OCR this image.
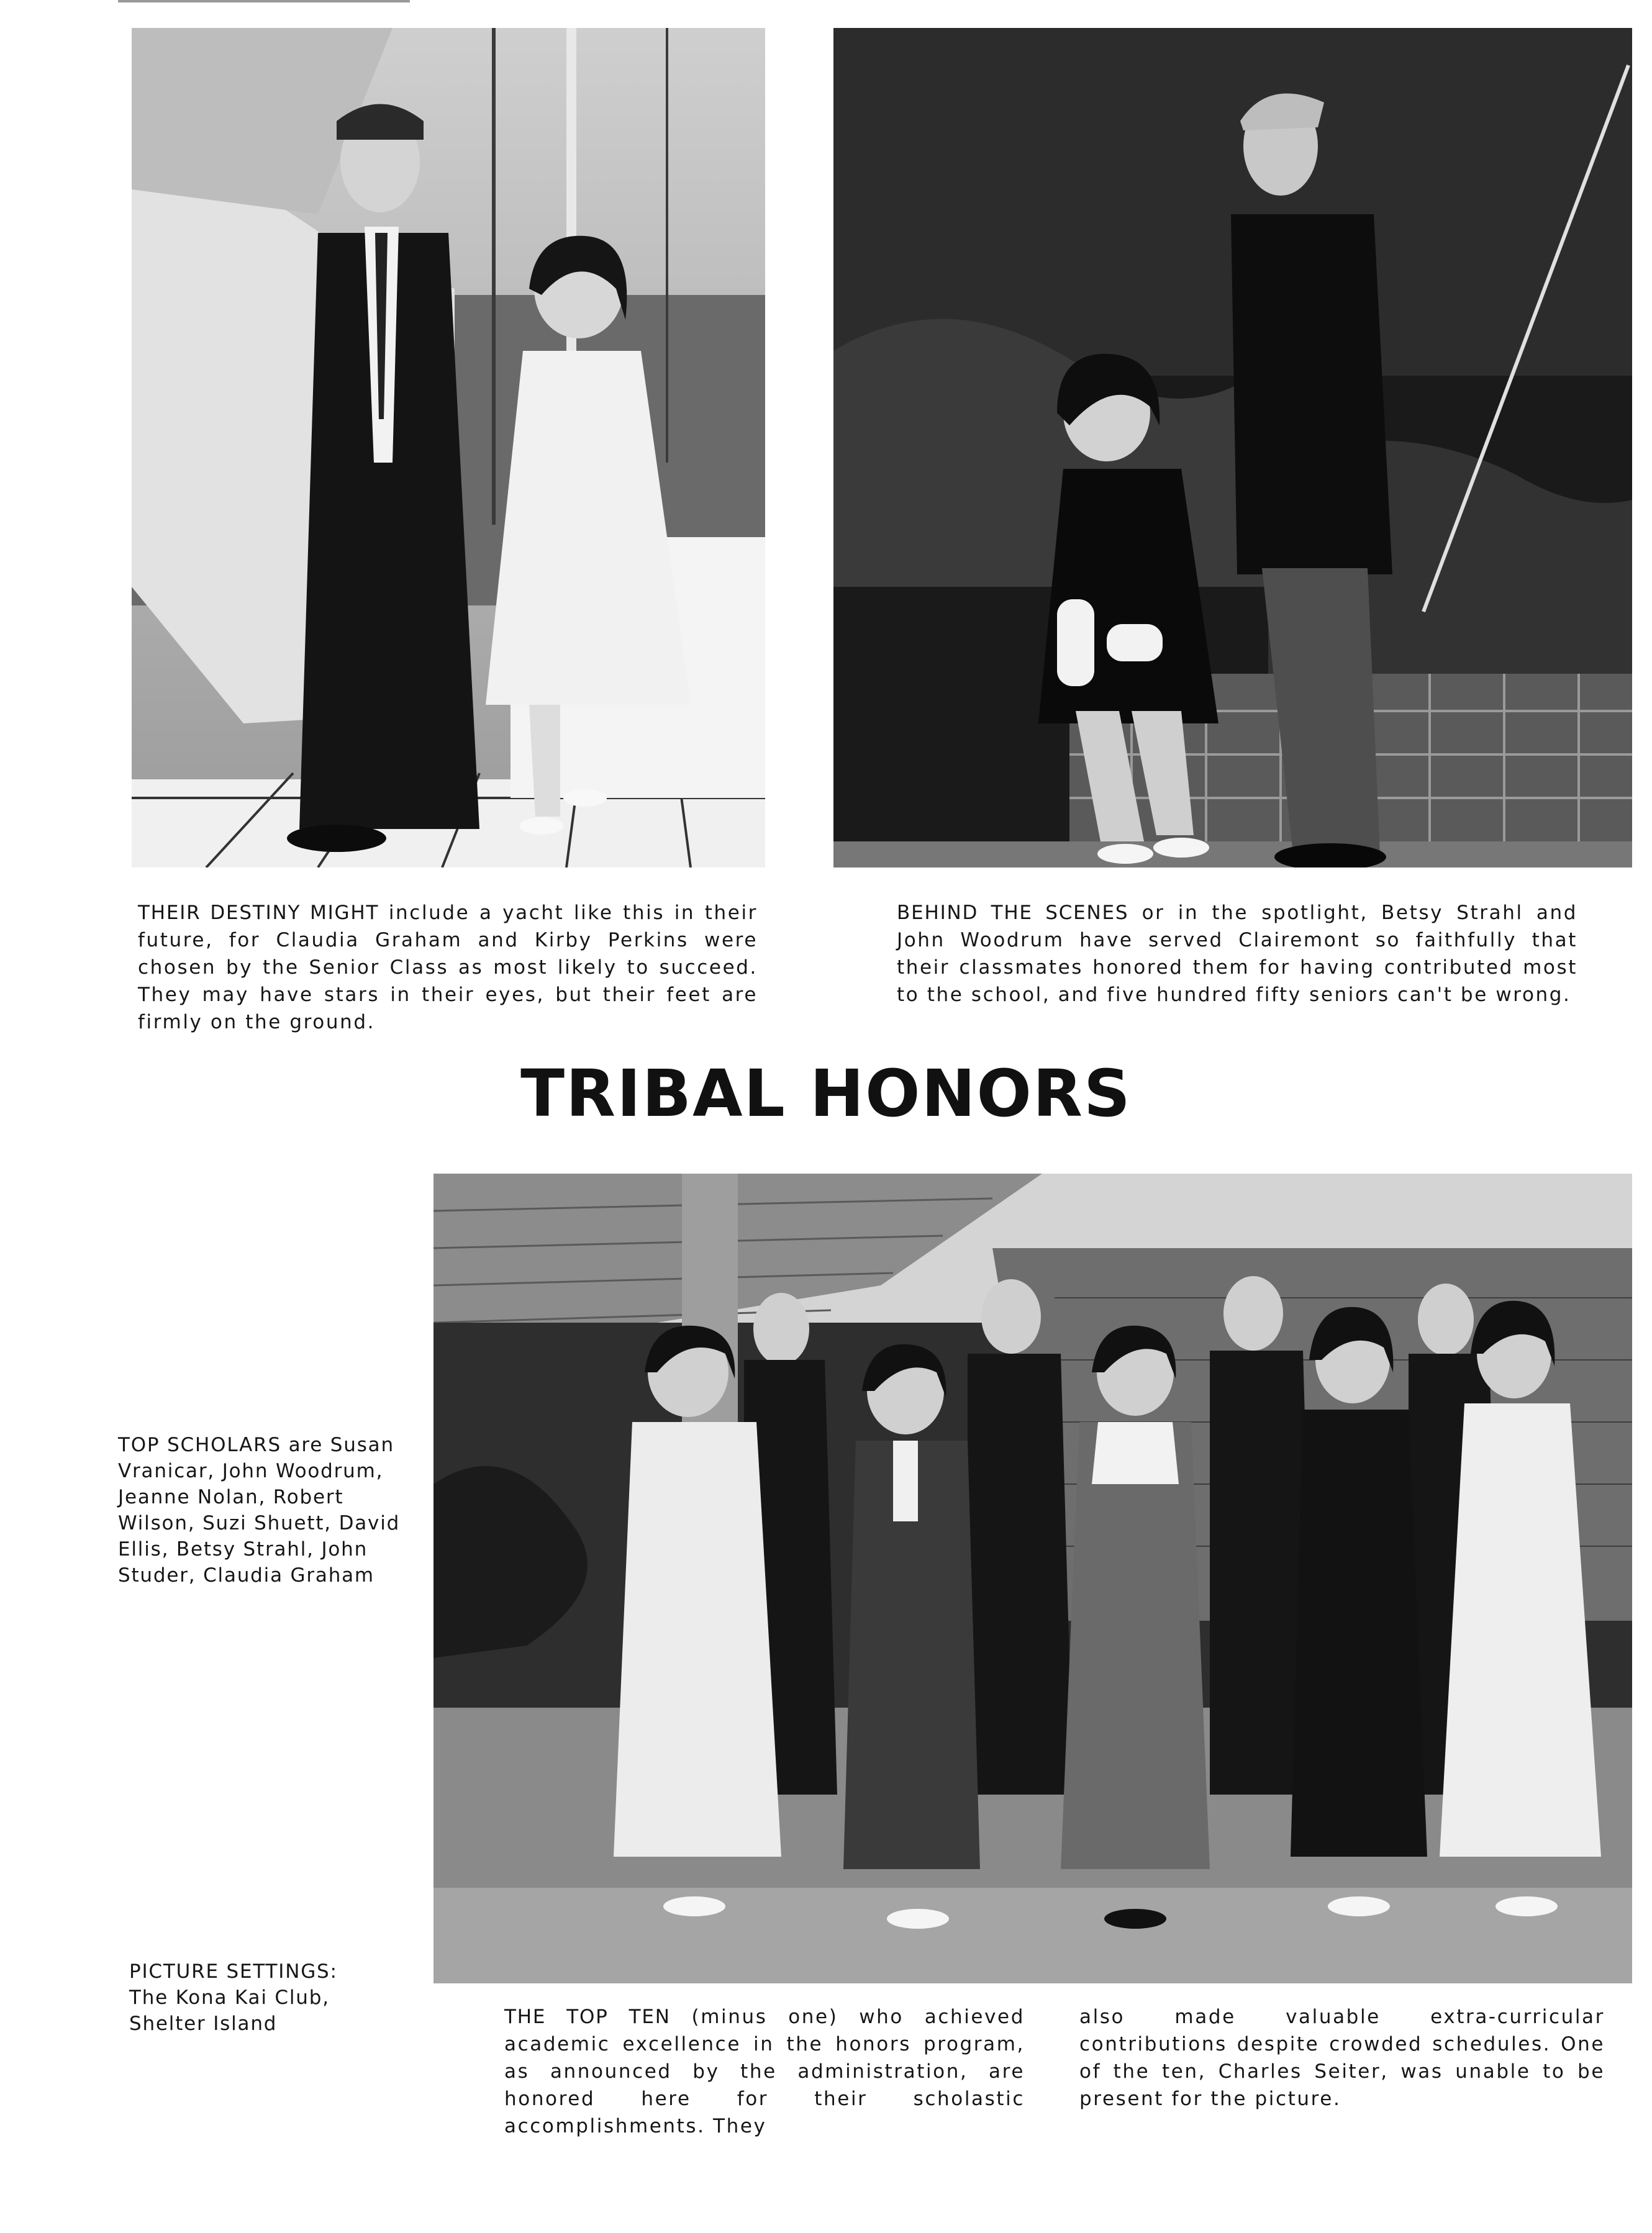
THEIR DESTINY MIGHT include a yacht like this in their future, for Claudia Graham and Kirby Perkins were chosen by the Senior Class as most likely to succeed. They may have stars in their eyes, but their feet are firmly on the ground.
BEHIND THE SCENES or in the spotlight, Betsy Strahl and John Woodrum have served Clairemont so faithfully that their classmates honored them for having contributed most to the school, and five hundred fifty seniors can't be wrong.
TRIBAL HONORS
TOP SCHOLARS are Susan Vranicar, John Woodrum, Jeanne Nolan, Robert Wilson, Suzi Shuett, David Ellis, Betsy Strahl, John Studer, Claudia Graham
PICTURE SETTINGS:
The Kona Kai Club, Shelter Island	THE TOP TEN (minus one) who achieved academic excellence in the honors program, as announced by the administration, are honored here for their scholastic accomplishments. They
also made valuable extra-curricular contributions despite crowded schedules. One of the ten, Charles Seiter, was unable to be present for the picture.
